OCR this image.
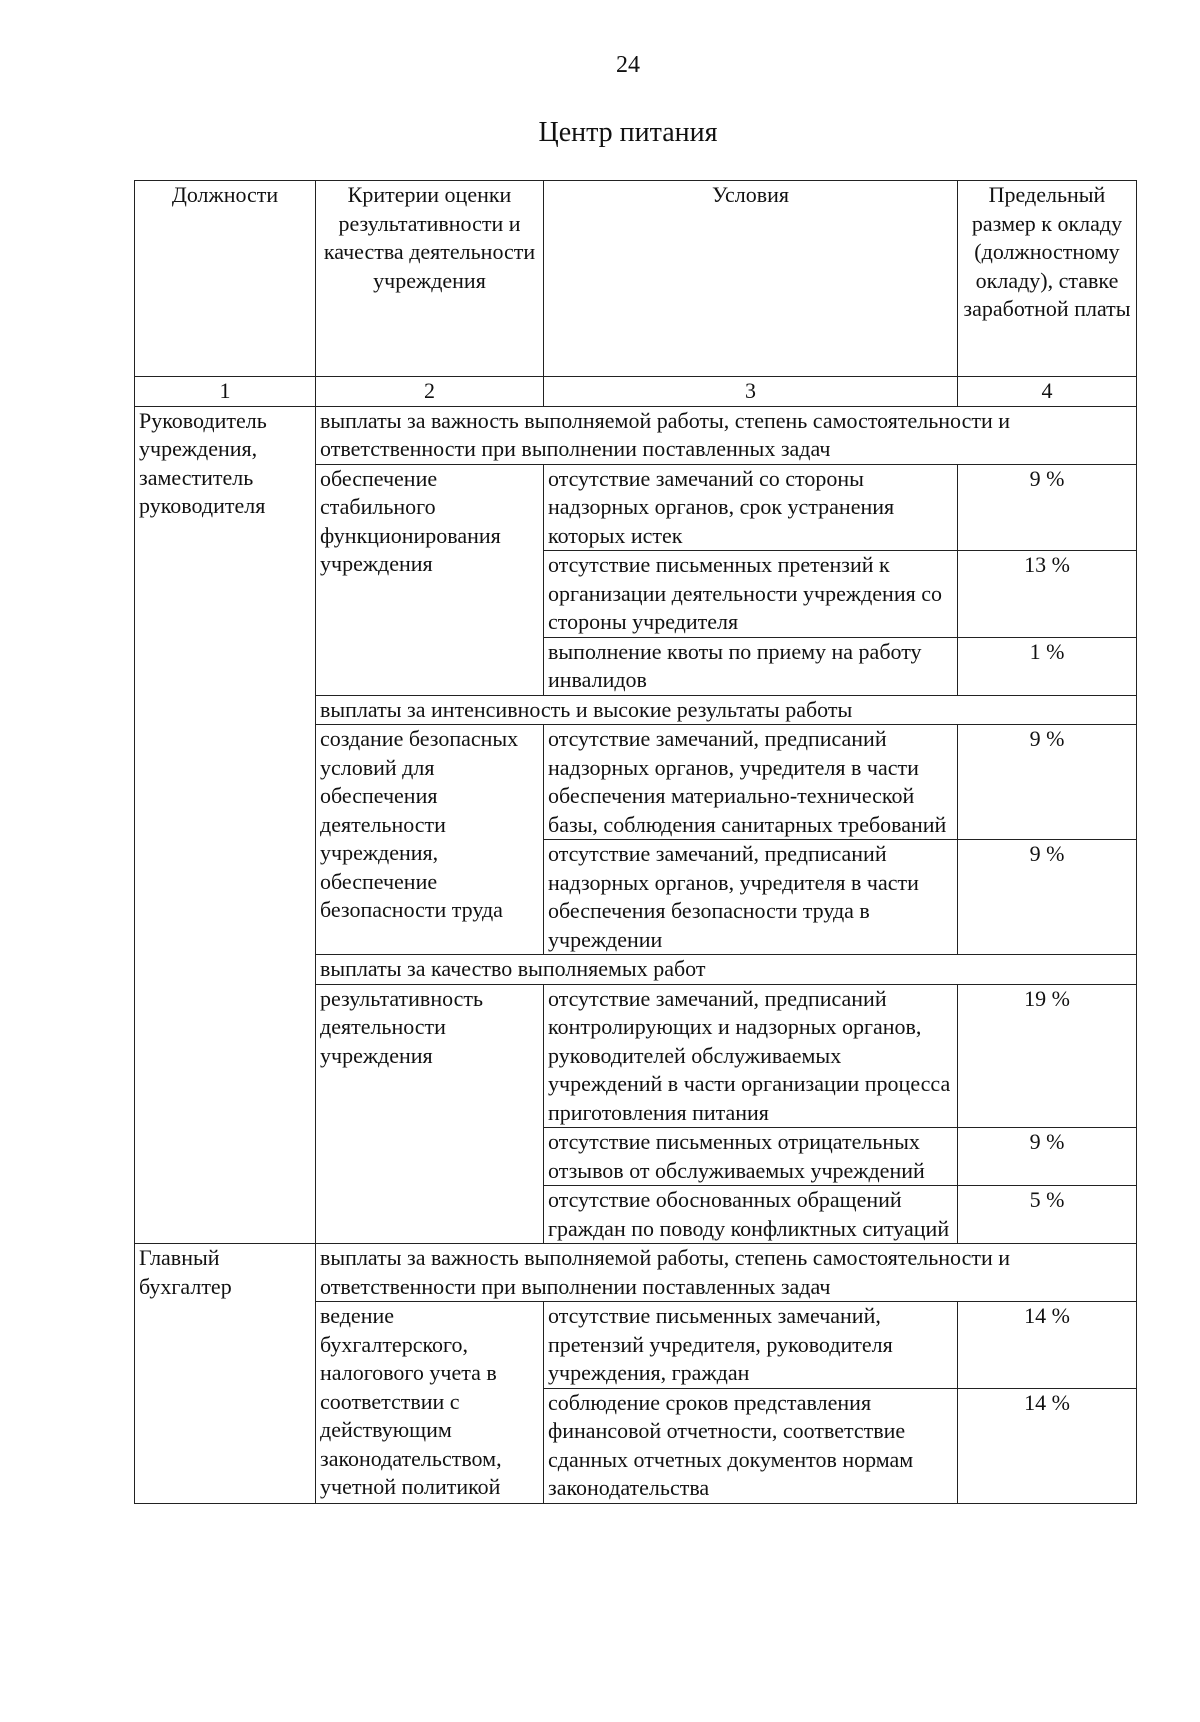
24
Центр питания
Должности	Критерии оценки результативности и качества деятельности учреждения	Условия	Предельный размер к окладу (должностному окладу), ставке заработной платы
1	2	3	4
Руководитель учреждения, заместитель руководителя	выплаты за важность выполняемой работы, степень самостоятельности и ответственности при выполнении поставленных задач		
	обеспечение стабильного функционирования учреждения	отсутствие замечаний со стороны надзорных органов, срок устранения которых истек	9 %
		отсутствие письменных претензий к организации деятельности учреждения со стороны учредителя	13 %
		выполнение квоты по приему на работу инвалидов	1 %
	выплаты за интенсивность и высокие результаты работы		
	создание безопасных условий для обеспечения деятельности учреждения, обеспечение безопасности труда	отсутствие замечаний, предписаний надзорных органов, учредителя в части обеспечения материально-технической базы, соблюдения санитарных требований	9 %
		отсутствие замечаний, предписаний надзорных органов, учредителя в части обеспечения безопасности труда в учреждении	9 %
	выплаты за качество выполняемых работ		
	результативность деятельности учреждения	отсутствие замечаний, предписаний контролирующих и надзорных органов, руководителей обслуживаемых учреждений в части организации процесса приготовления питания	19 %
		отсутствие письменных отрицательных отзывов от обслуживаемых учреждений	9 %
		отсутствие обоснованных обращений граждан по поводу конфликтных ситуаций	5 %

Главный бухгалтер	выплаты за важность выполняемой работы, степень самостоятельности и ответственности при выполнении поставленных задач		
	ведение бухгалтерского, налогового учета в соответствии с действующим законодательством, учетной политикой	отсутствие письменных замечаний, претензий учредителя, руководителя учреждения, граждан	14 %
		соблюдение сроков представления финансовой отчетности, соответствие сданных отчетных документов нормам законодательства	14 %
